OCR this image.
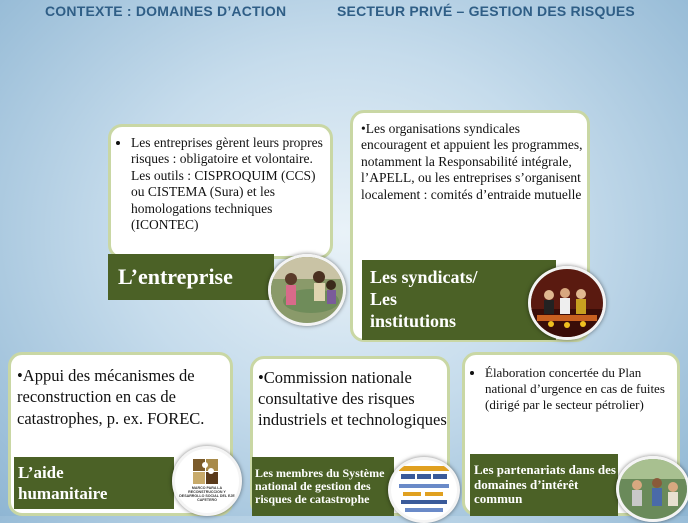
CONTEXTE : DOMAINES D’ACTION	SECTEUR PRIVÉ – GESTION DES RISQUES
• Les entreprises gèrent leurs propres risques : obligatoire et volontaire.
Les outils : CISPROQUIM (CCS) ou CISTEMA (Sura) et les homologations techniques (ICONTEC)
L’entreprise
•Les organisations syndicales encouragent et appuient les programmes, notamment la Responsabilité intégrale, l’APELL, ou les entreprises s’organisent localement : comités d’entraide mutuelle
Les syndicats/
Les
institutions
•Appui des mécanismes de reconstruction en cas de catastrophes, p. ex. FOREC.
L’aide
humanitaire	MARCO PARA LA RECONSTRUCCION Y DESARROLLO SOCIAL DEL EJE CAFETERO
•Commission nationale consultative des risques industriels et technologiques
Les membres du Système national de gestion des risques de catastrophe
• Élaboration concertée du Plan national d’urgence en cas de fuites (dirigé par le secteur pétrolier)
Les partenariats dans des domaines d’intérêt commun
